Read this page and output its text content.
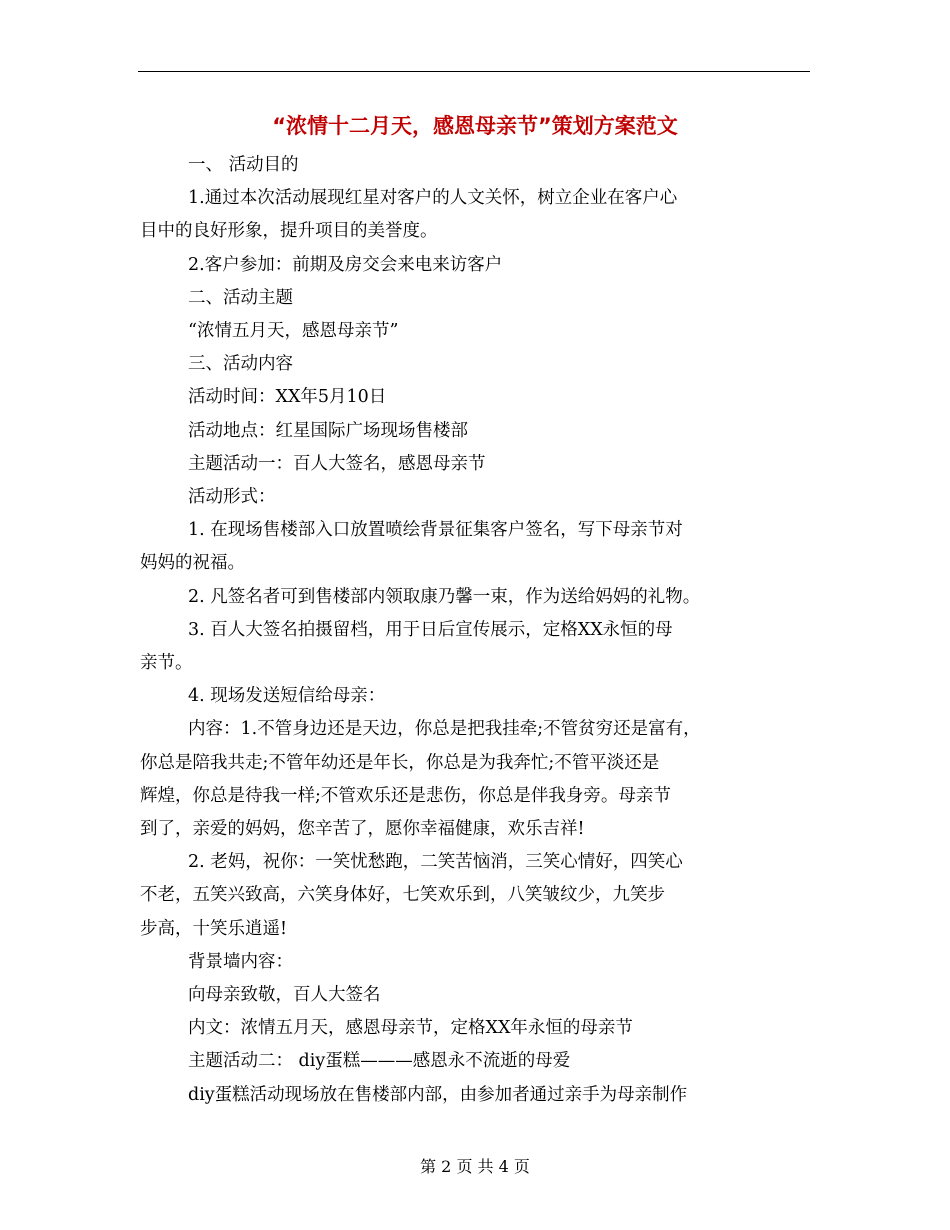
“浓情十二月天，感恩母亲节”策划方案范文

一、 活动目的

1.通过本次活动展现红星对客户的人文关怀，树立企业在客户心

目中的良好形象，提升项目的美誉度。

2.客户参加：前期及房交会来电来访客户

二、活动主题

“浓情五月天，感恩母亲节”

三、活动内容

活动时间：XX年5月10日

活动地点：红星国际广场现场售楼部

主题活动一：百人大签名，感恩母亲节

活动形式：

1. 在现场售楼部入口放置喷绘背景征集客户签名，写下母亲节对

妈妈的祝福。

2. 凡签名者可到售楼部内领取康乃馨一束，作为送给妈妈的礼物。

3. 百人大签名拍摄留档，用于日后宣传展示，定格XX永恒的母

亲节。

4. 现场发送短信给母亲：

内容：1.不管身边还是天边，你总是把我挂牵;不管贫穷还是富有，

你总是陪我共走;不管年幼还是年长，你总是为我奔忙;不管平淡还是

辉煌，你总是待我一样;不管欢乐还是悲伤，你总是伴我身旁。母亲节

到了，亲爱的妈妈，您辛苦了，愿你幸福健康，欢乐吉祥!

2. 老妈，祝你：一笑忧愁跑，二笑苦恼消，三笑心情好，四笑心

不老，五笑兴致高，六笑身体好，七笑欢乐到，八笑皱纹少，九笑步

步高，十笑乐逍遥!

背景墙内容：

向母亲致敬，百人大签名

内文：浓情五月天，感恩母亲节，定格XX年永恒的母亲节

主题活动二： diy蛋糕———感恩永不流逝的母爱

diy蛋糕活动现场放在售楼部内部，由参加者通过亲手为母亲制作

第 2 页 共 4 页
